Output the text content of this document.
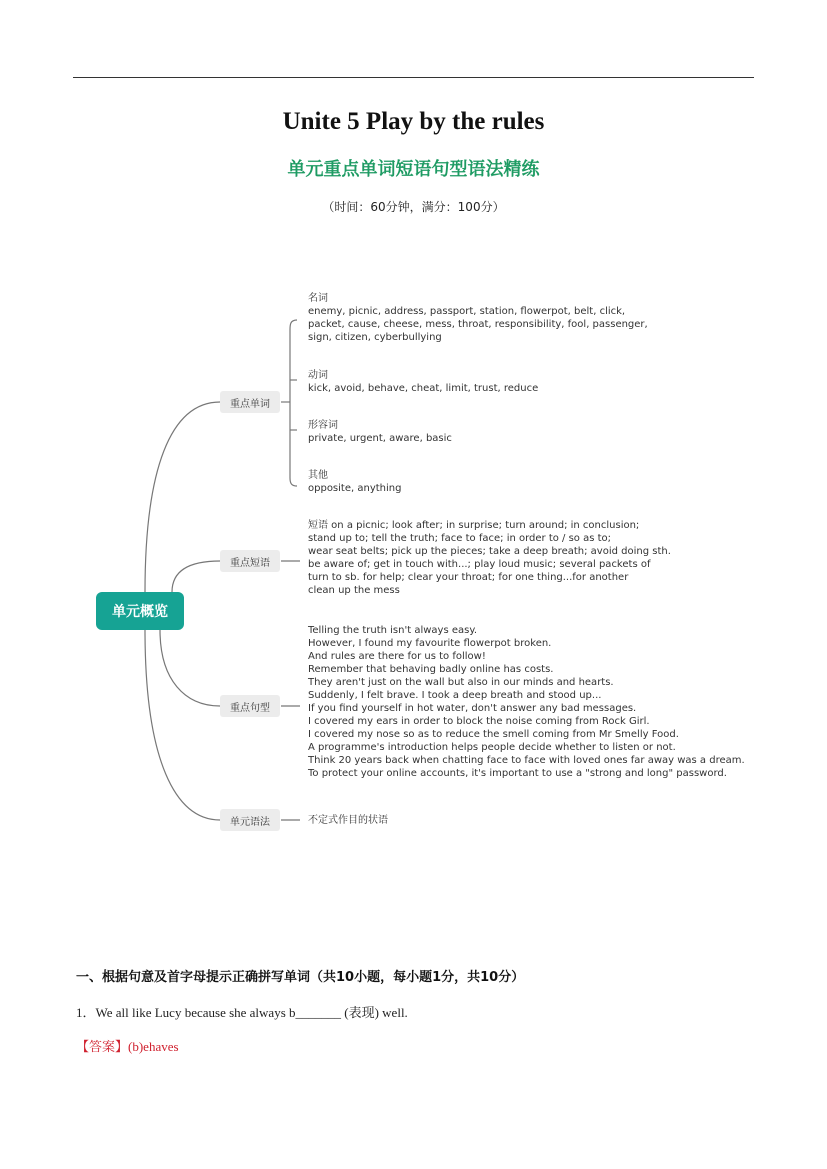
Unite 5 Play by the rules
单元重点单词短语句型语法精练
（时间：60分钟，满分：100分）
单元概览
重点单词
重点短语
重点句型
单元语法
名词
enemy, picnic, address, passport, station, flowerpot, belt, click,
packet, cause, cheese, mess, throat, responsibility, fool, passenger,
sign, citizen, cyberbullying
动词
kick, avoid, behave, cheat, limit, trust, reduce
形容词
private, urgent, aware, basic
其他
opposite, anything
短语 on a picnic; look after; in surprise; turn around; in conclusion;
stand up to; tell the truth; face to face; in order to / so as to;
wear seat belts; pick up the pieces; take a deep breath; avoid doing sth.
be aware of; get in touch with...; play loud music; several packets of
turn to sb. for help; clear your throat; for one thing...for another
clean up the mess
Telling the truth isn't always easy.
However, I found my favourite flowerpot broken.
And rules are there for us to follow!
Remember that behaving badly online has costs.
They aren't just on the wall but also in our minds and hearts.
Suddenly, I felt brave. I took a deep breath and stood up...
If you find yourself in hot water, don't answer any bad messages.
I covered my ears in order to block the noise coming from Rock Girl.
I covered my nose so as to reduce the smell coming from Mr Smelly Food.
A programme's introduction helps people decide whether to listen or not.
Think 20 years back when chatting face to face with loved ones far away was a dream.
To protect your online accounts, it's important to use a "strong and long" password.
不定式作目的状语
一、根据句意及首字母提示正确拼写单词（共10小题，每小题1分，共10分）
1．We all like Lucy because she always b_______ (表现) well.
【答案】(b)ehaves
